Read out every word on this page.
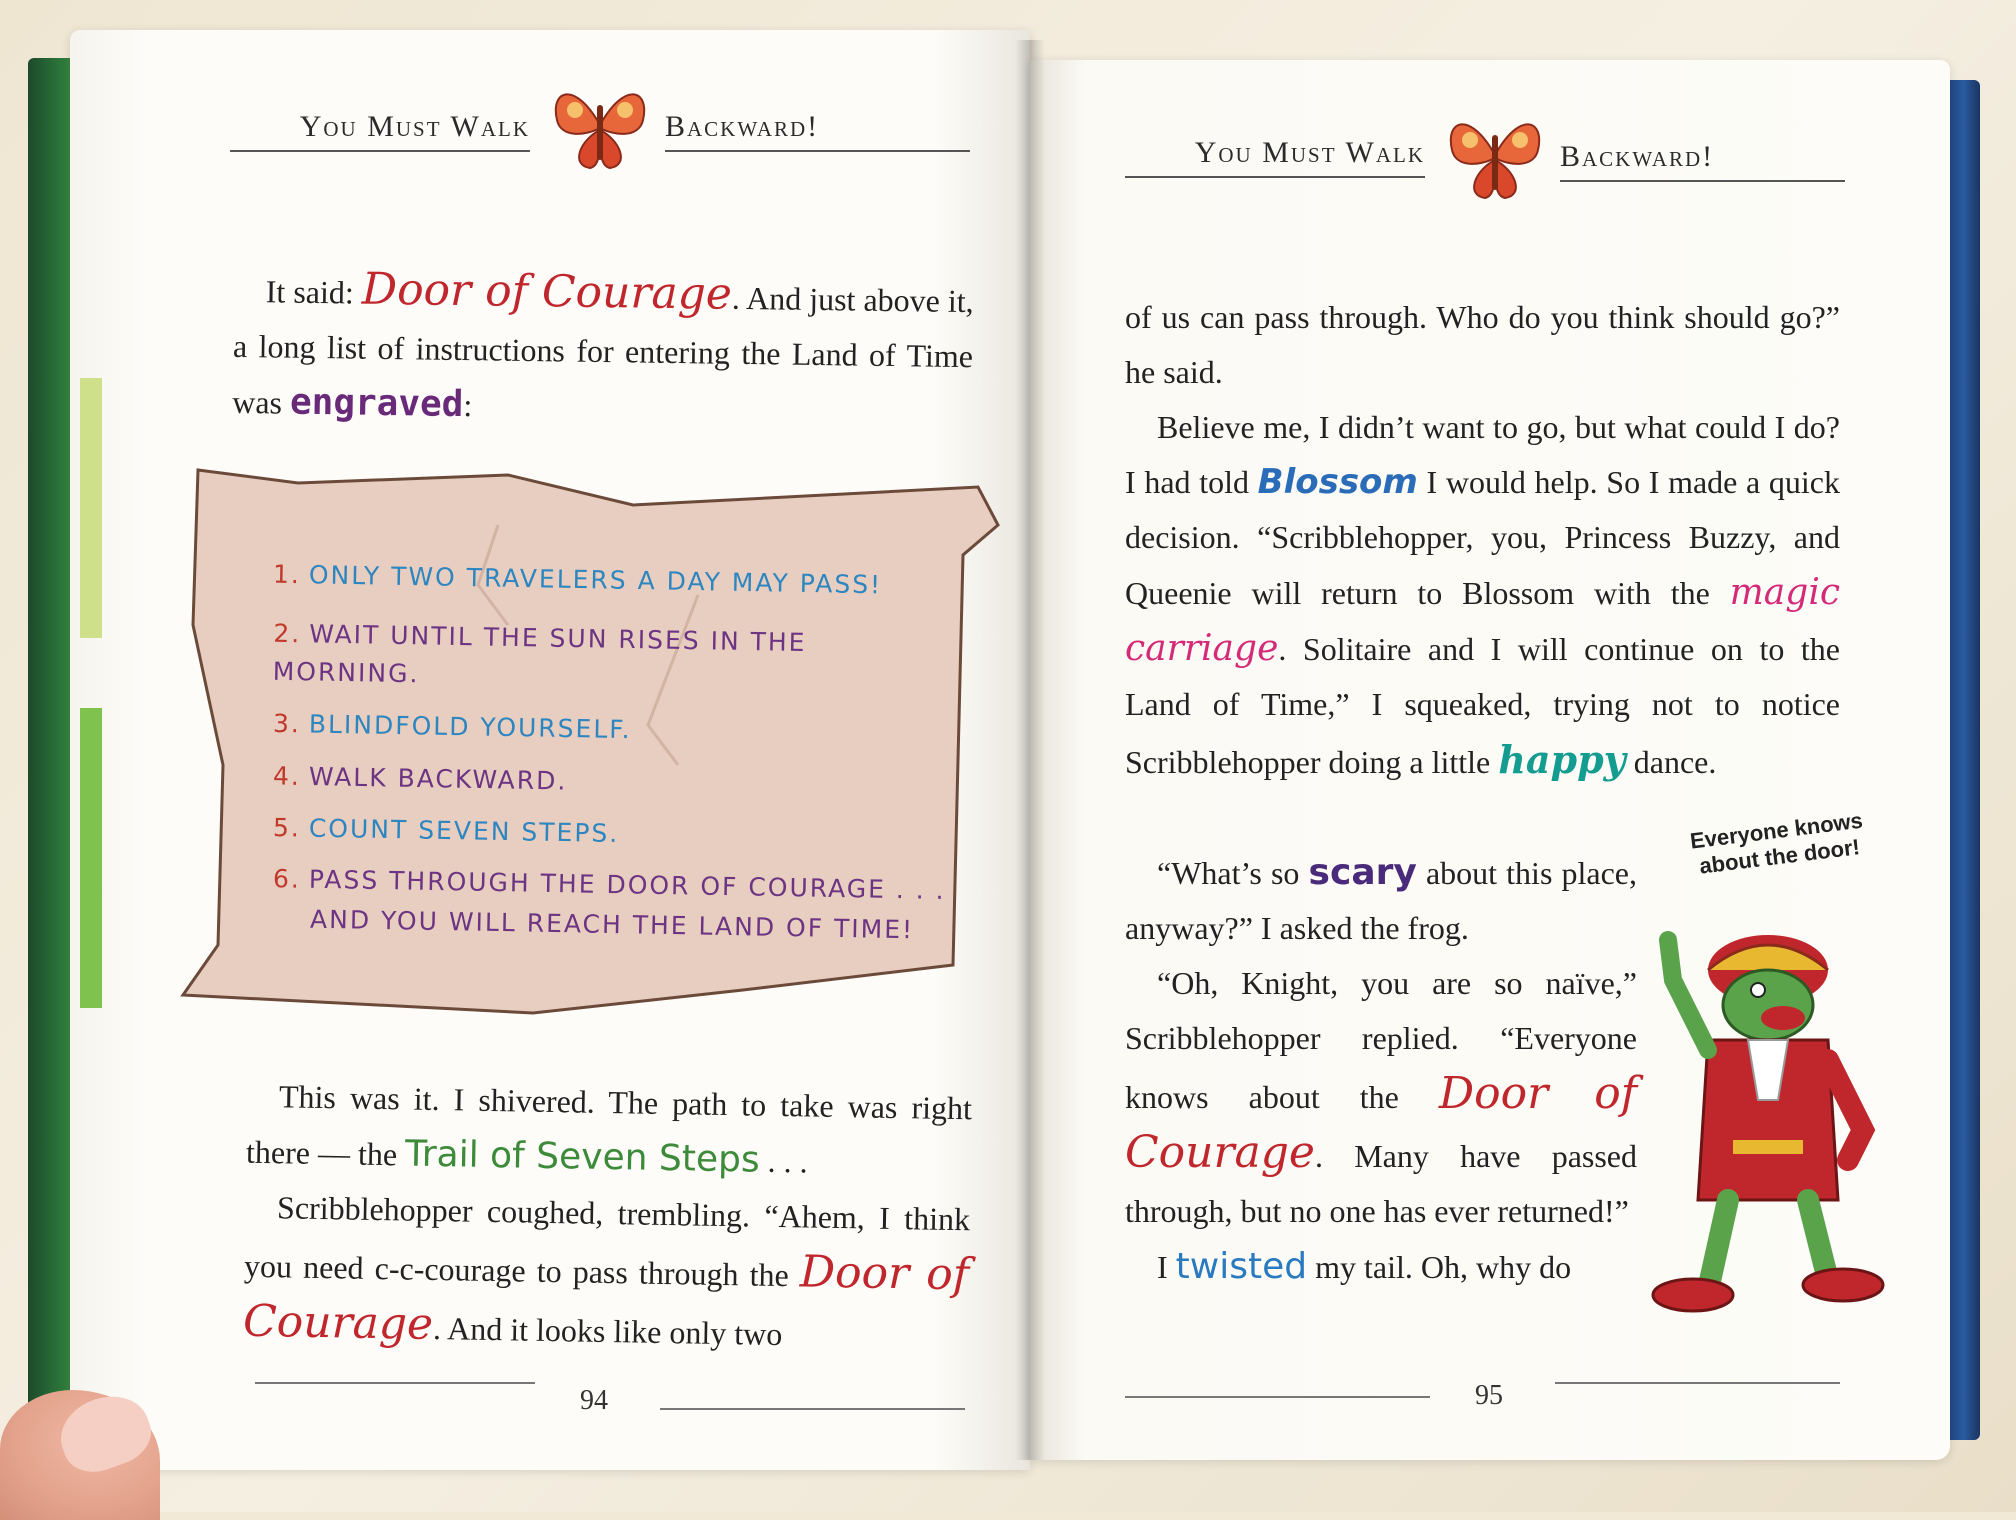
You Must Walk	Backward!

It said: Door of Courage. And just above it, a long list of instructions for entering the Land of Time was engraved:

1. ONLY TWO TRAVELERS A DAY MAY PASS!
2. WAIT UNTIL THE SUN RISES IN THE MORNING.
3. BLINDFOLD YOURSELF.
4. WALK BACKWARD.
5. COUNT SEVEN STEPS.
6. PASS THROUGH THE DOOR OF COURAGE . . .
AND YOU WILL REACH THE LAND OF TIME!

This was it. I shivered. The path to take was right there — the Trail of Seven Steps . . .

Scribblehopper coughed, trembling. “Ahem, I think you need c-c-courage to pass through the Door of Courage. And it looks like only two

94
You Must Walk	Backward!

of us can pass through. Who do you think should go?” he said.

Believe me, I didn’t want to go, but what could I do? I had told Blossom I would help. So I made a quick decision. “Scribblehopper, you, Princess Buzzy, and Queenie will return to Blossom with the magic carriage. Solitaire and I will continue on to the Land of Time,” I squeaked, trying not to notice Scribblehopper doing a little happy dance.

“What’s so scary about this place, anyway?” I asked the frog.

“Oh, Knight, you are so naïve,” Scribblehopper replied. “Everyone knows about the Door of Courage. Many have passed through, but no one has ever returned!”

I twisted my tail. Oh, why do

Everyone knows about the door!
95
